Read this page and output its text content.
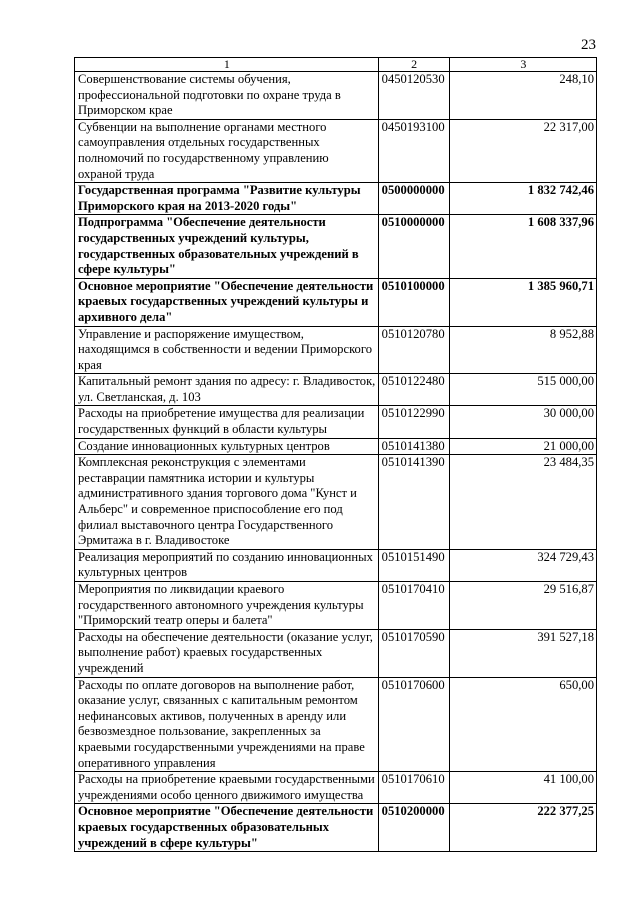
23
1	2	3
Совершенствование системы обучения, профессиональной подготовки по охране труда в Приморском крае	0450120530	248,10
Субвенции на выполнение органами местного самоуправления отдельных государственных полномочий по государственному управлению охраной труда	0450193100	22 317,00
Государственная программа "Развитие культуры Приморского края на 2013-2020 годы"	0500000000	1 832 742,46
Подпрограмма "Обеспечение деятельности государственных учреждений культуры, государственных образовательных учреждений в сфере культуры"	0510000000	1 608 337,96
Основное мероприятие "Обеспечение деятельности краевых государственных учреждений культуры и архивного дела"	0510100000	1 385 960,71
Управление и распоряжение имуществом, находящимся в собственности и ведении Приморского края	0510120780	8 952,88
Капитальный ремонт здания по адресу: г. Владивосток, ул. Светланская, д. 103	0510122480	515 000,00
Расходы на приобретение имущества для реализации государственных функций в области культуры	0510122990	30 000,00
Создание инновационных культурных центров	0510141380	21 000,00
Комплексная реконструкция с элементами реставрации памятника истории и культуры административного здания торгового дома "Кунст и Альберс" и современное приспособление его под филиал выставочного центра Государственного Эрмитажа в г. Владивостоке	0510141390	23 484,35
Реализация мероприятий по созданию инновационных культурных центров	0510151490	324 729,43
Мероприятия по ликвидации краевого государственного автономного учреждения культуры "Приморский театр оперы и балета"	0510170410	29 516,87
Расходы на обеспечение деятельности (оказание услуг, выполнение работ) краевых государственных учреждений	0510170590	391 527,18
Расходы по оплате договоров на выполнение работ, оказание услуг, связанных с капитальным ремонтом нефинансовых активов, полученных в аренду или безвозмездное пользование, закрепленных за краевыми государственными учреждениями на праве оперативного управления	0510170600	650,00
Расходы на приобретение краевыми государственными учреждениями особо ценного движимого имущества	0510170610	41 100,00
Основное мероприятие "Обеспечение деятельности краевых государственных образовательных учреждений в сфере культуры"	0510200000	222 377,25
